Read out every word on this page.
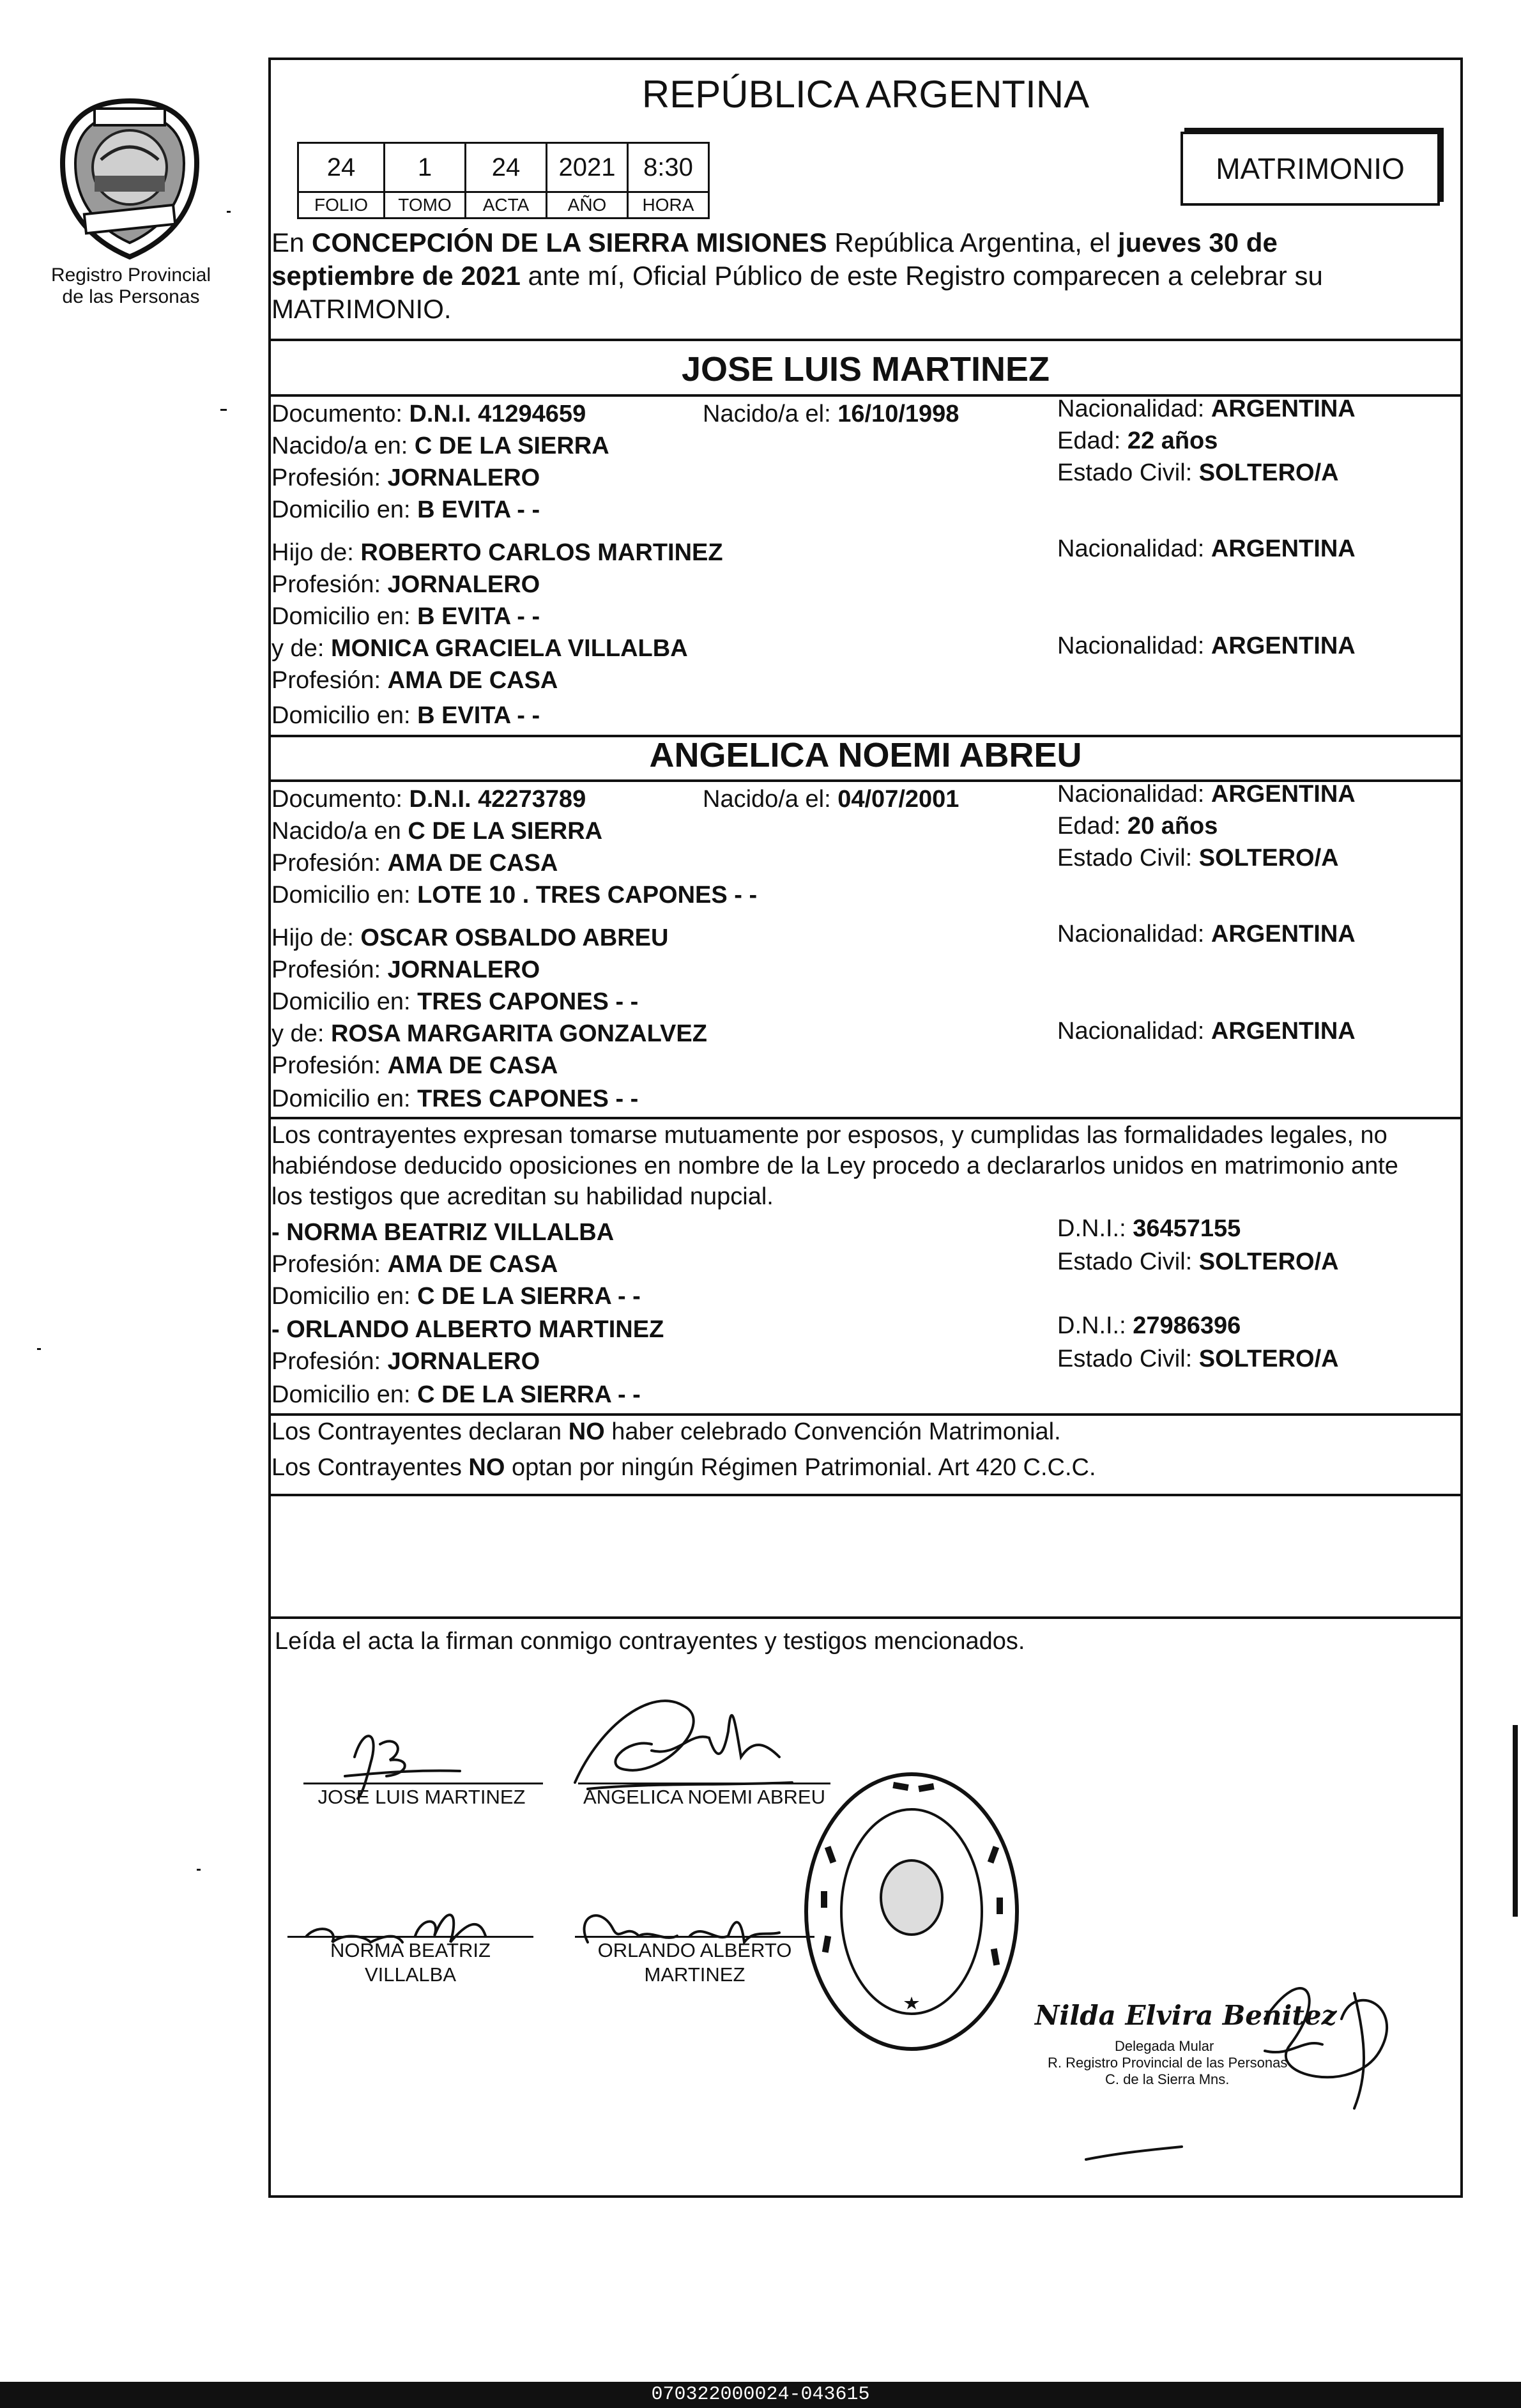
Registro Provincial
de las Personas
REPÚBLICA ARGENTINA
24	1	24	2021	8:30
FOLIO	TOMO	ACTA	AÑO	HORA
MATRIMONIO
En CONCEPCIÓN DE LA SIERRA MISIONES República Argentina, el jueves 30 de
septiembre de 2021 ante mí, Oficial Público de este Registro comparecen a celebrar su
MATRIMONIO.
JOSE LUIS MARTINEZ
Documento: D.N.I. 41294659	Nacido/a el: 16/10/1998	Nacionalidad: ARGENTINA
Nacido/a en: C DE LA SIERRA	Edad: 22 años
Profesión: JORNALERO	Estado Civil: SOLTERO/A
Domicilio en: B EVITA - -
Hijo de: ROBERTO CARLOS MARTINEZ	Nacionalidad: ARGENTINA
Profesión: JORNALERO
Domicilio en: B EVITA - -
y de: MONICA GRACIELA VILLALBA	Nacionalidad: ARGENTINA
Profesión: AMA DE CASA
Domicilio en: B EVITA - -
ANGELICA NOEMI ABREU
Documento: D.N.I. 42273789	Nacido/a el: 04/07/2001	Nacionalidad: ARGENTINA
Nacido/a en C DE LA SIERRA	Edad: 20 años
Profesión: AMA DE CASA	Estado Civil: SOLTERO/A
Domicilio en: LOTE 10 . TRES CAPONES - -
Hijo de: OSCAR OSBALDO ABREU	Nacionalidad: ARGENTINA
Profesión: JORNALERO
Domicilio en: TRES CAPONES - -
y de: ROSA MARGARITA GONZALVEZ	Nacionalidad: ARGENTINA
Profesión: AMA DE CASA
Domicilio en: TRES CAPONES - -
Los contrayentes expresan tomarse mutuamente por esposos, y cumplidas las formalidades legales, no
habiéndose deducido oposiciones en nombre de la Ley procedo a declararlos unidos en matrimonio ante
los testigos que acreditan su habilidad nupcial.
- NORMA BEATRIZ VILLALBA	D.N.I.: 36457155
Profesión: AMA DE CASA	Estado Civil: SOLTERO/A
Domicilio en: C DE LA SIERRA - -
- ORLANDO ALBERTO MARTINEZ	D.N.I.: 27986396
Profesión: JORNALERO	Estado Civil: SOLTERO/A
Domicilio en: C DE LA SIERRA - -
Los Contrayentes declaran NO haber celebrado Convención Matrimonial.
Los Contrayentes NO optan por ningún Régimen Patrimonial. Art 420 C.C.C.
Leída el acta la firman conmigo contrayentes y testigos mencionados.
JOSE LUIS MARTINEZ	ANGELICA NOEMI ABREU
NORMA BEATRIZ
VILLALBA
ORLANDO ALBERTO
MARTINEZ
Nilda Elvira Benitez
Delegada Mular
R. Registro Provincial de las Personas
C. de la Sierra Mns.
070322000024-043615
